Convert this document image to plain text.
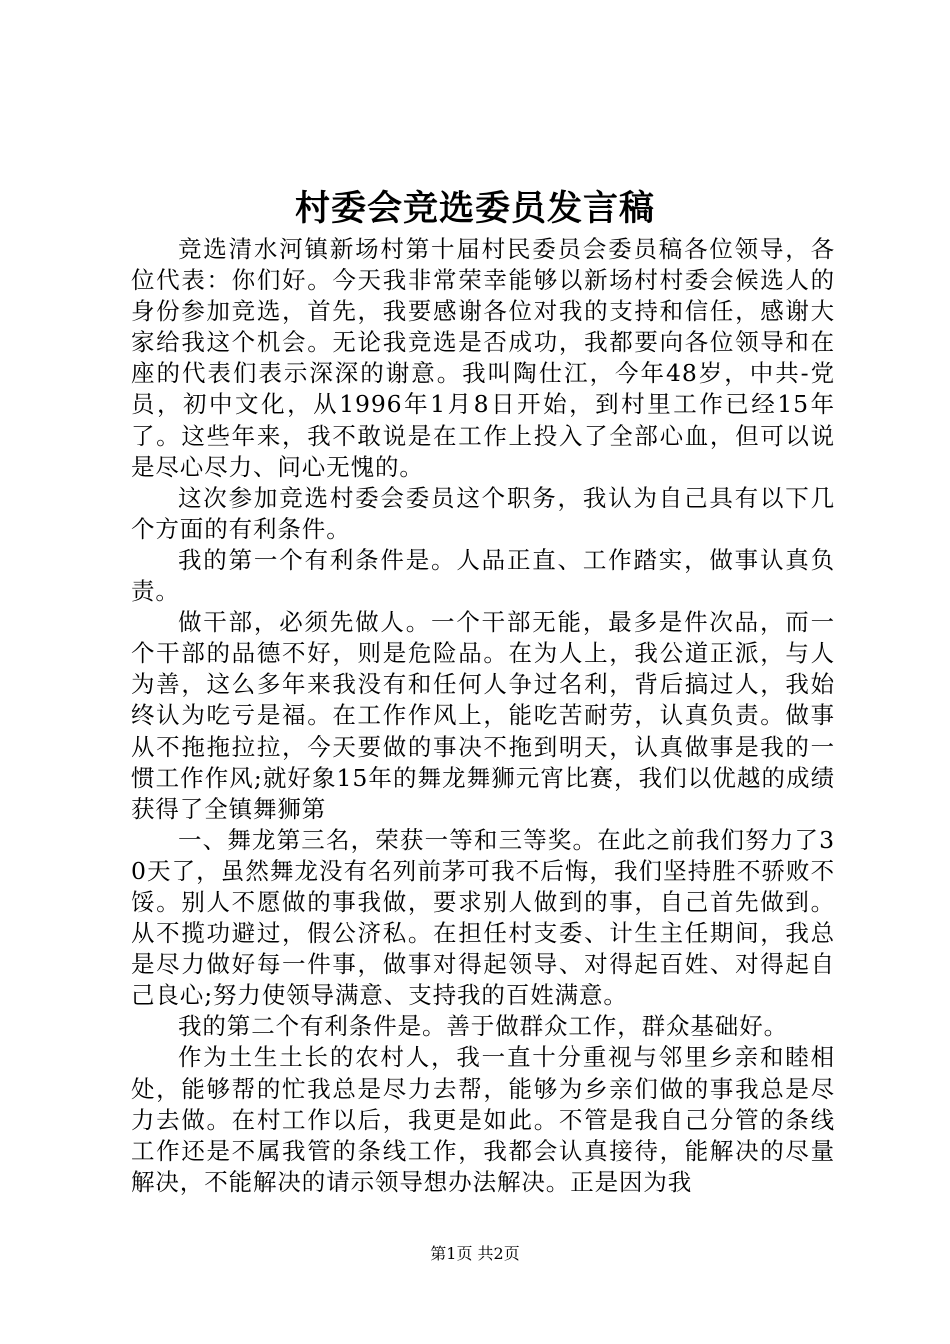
村委会竞选委员发言稿

竞选清水河镇新场村第十届村民委员会委员稿各位领导，各位代表：你们好。今天我非常荣幸能够以新场村村委会候选人的身份参加竞选，首先，我要感谢各位对我的支持和信任，感谢大家给我这个机会。无论我竞选是否成功，我都要向各位领导和在座的代表们表示深深的谢意。我叫陶仕江，今年48岁，中共-党员，初中文化，从1996年1月8日开始，到村里工作已经15年了。这些年来，我不敢说是在工作上投入了全部心血，但可以说是尽心尽力、问心无愧的。

这次参加竞选村委会委员这个职务，我认为自己具有以下几个方面的有利条件。

我的第一个有利条件是。人品正直、工作踏实，做事认真负责。

做干部，必须先做人。一个干部无能，最多是件次品，而一个干部的品德不好，则是危险品。在为人上，我公道正派，与人为善，这么多年来我没有和任何人争过名利，背后搞过人，我始终认为吃亏是福。在工作作风上，能吃苦耐劳，认真负责。做事从不拖拖拉拉，今天要做的事决不拖到明天，认真做事是我的一惯工作作风;就好象15年的舞龙舞狮元宵比赛，我们以优越的成绩获得了全镇舞狮第

一、舞龙第三名，荣获一等和三等奖。在此之前我们努力了30天了，虽然舞龙没有名列前茅可我不后悔，我们坚持胜不骄败不馁。别人不愿做的事我做，要求别人做到的事，自己首先做到。从不揽功避过，假公济私。在担任村支委、计生主任期间，我总是尽力做好每一件事，做事对得起领导、对得起百姓、对得起自己良心;努力使领导满意、支持我的百姓满意。

我的第二个有利条件是。善于做群众工作，群众基础好。

作为土生土长的农村人，我一直十分重视与邻里乡亲和睦相处，能够帮的忙我总是尽力去帮，能够为乡亲们做的事我总是尽力去做。在村工作以后，我更是如此。不管是我自己分管的条线工作还是不属我管的条线工作，我都会认真接待，能解决的尽量解决，不能解决的请示领导想办法解决。正是因为我

第1页 共2页
